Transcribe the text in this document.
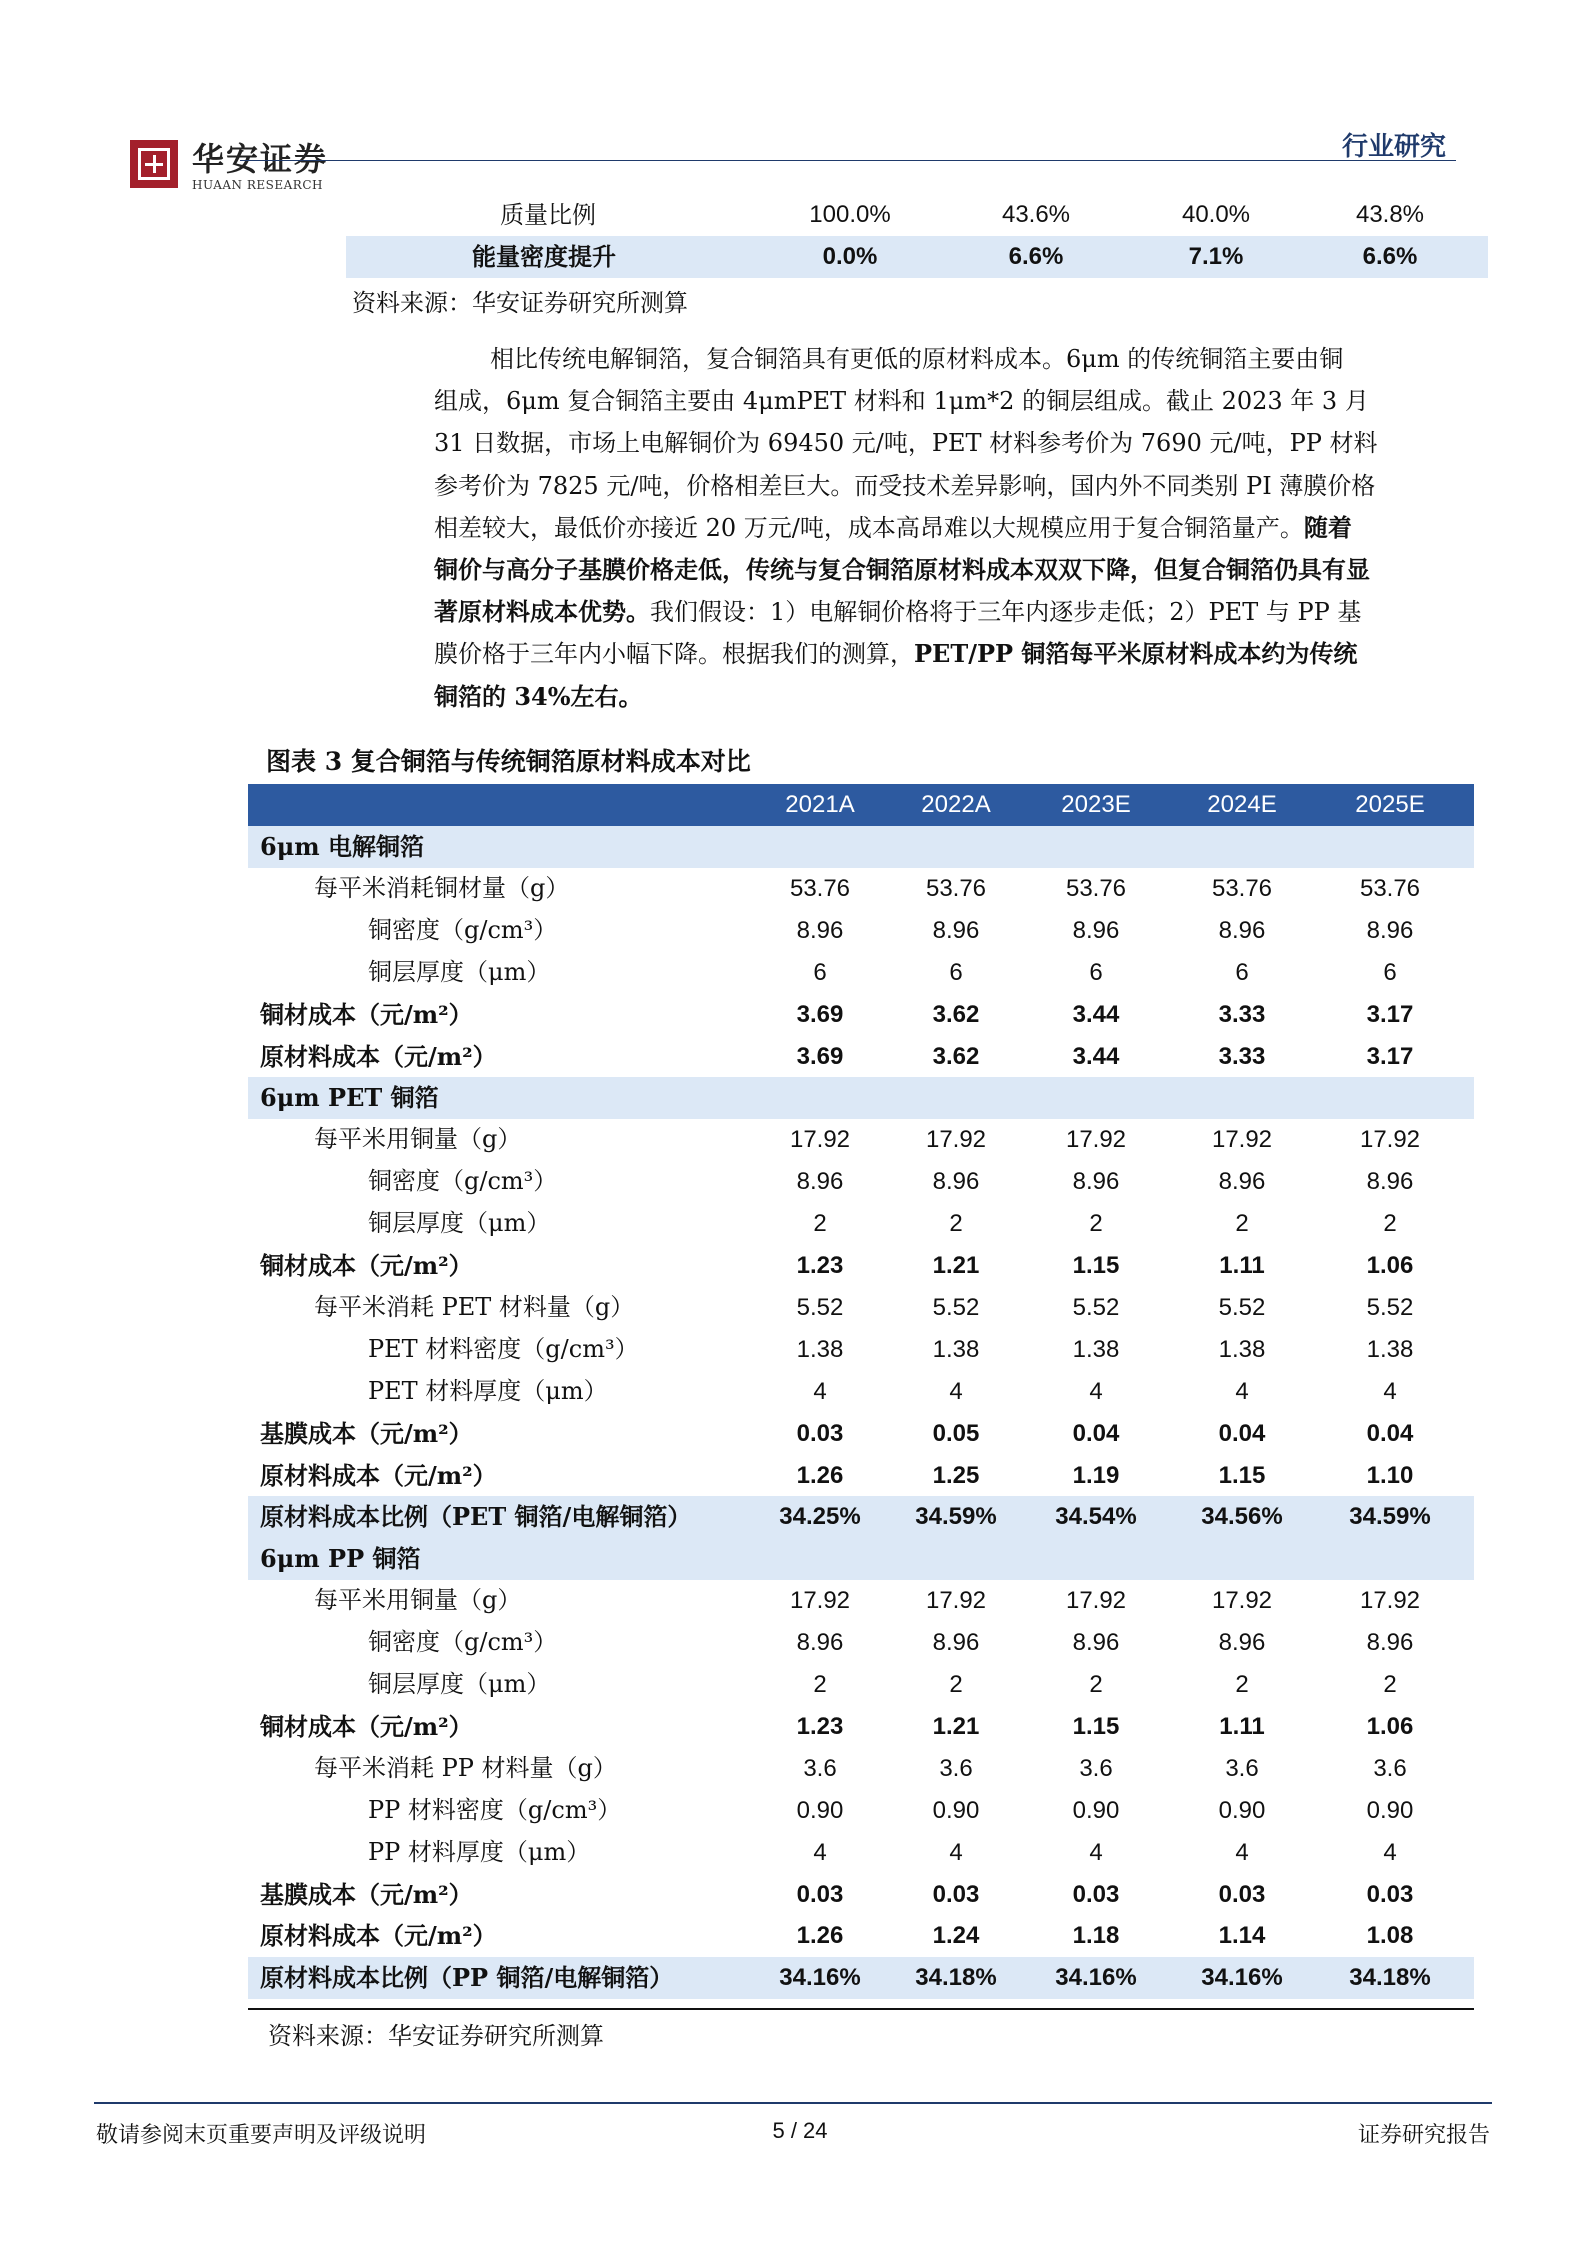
华安证券
HUAAN RESEARCH
行业研究
质量比例	100.0%	43.6%	40.0%	43.8%
能量密度提升	0.0%	6.6%	7.1%	6.6%
资料来源：华安证券研究所测算
相比传统电解铜箔，复合铜箔具有更低的原材料成本。6μm 的传统铜箔主要由铜
组成，6μm 复合铜箔主要由 4μmPET 材料和 1μm*2 的铜层组成。截止 2023 年 3 月
31 日数据，市场上电解铜价为 69450 元/吨，PET 材料参考价为 7690 元/吨，PP 材料
参考价为 7825 元/吨，价格相差巨大。而受技术差异影响，国内外不同类别 PI 薄膜价格
相差较大，最低价亦接近 20 万元/吨，成本高昂难以大规模应用于复合铜箔量产。随着
铜价与高分子基膜价格走低，传统与复合铜箔原材料成本双双下降，但复合铜箔仍具有显
著原材料成本优势。我们假设：1）电解铜价格将于三年内逐步走低；2）PET 与 PP 基
膜价格于三年内小幅下降。根据我们的测算，PET/PP 铜箔每平米原材料成本约为传统
铜箔的 34%左右。
图表 3 复合铜箔与传统铜箔原材料成本对比
2021A	2022A	2023E	2024E	2025E
6μm 电解铜箔
每平米消耗铜材量（g）	53.76	53.76	53.76	53.76	53.76
铜密度（g/cm³）	8.96	8.96	8.96	8.96	8.96
铜层厚度（μm）	6	6	6	6	6
铜材成本（元/m²）	3.69	3.62	3.44	3.33	3.17
原材料成本（元/m²）	3.69	3.62	3.44	3.33	3.17
6μm PET 铜箔
每平米用铜量（g）	17.92	17.92	17.92	17.92	17.92
铜密度（g/cm³）	8.96	8.96	8.96	8.96	8.96
铜层厚度（μm）	2	2	2	2	2
铜材成本（元/m²）	1.23	1.21	1.15	1.11	1.06
每平米消耗 PET 材料量（g）	5.52	5.52	5.52	5.52	5.52
PET 材料密度（g/cm³）	1.38	1.38	1.38	1.38	1.38
PET 材料厚度（μm）	4	4	4	4	4
基膜成本（元/m²）	0.03	0.05	0.04	0.04	0.04
原材料成本（元/m²）	1.26	1.25	1.19	1.15	1.10
原材料成本比例（PET 铜箔/电解铜箔）	34.25%	34.59%	34.54%	34.56%	34.59%
6μm PP 铜箔
每平米用铜量（g）	17.92	17.92	17.92	17.92	17.92
铜密度（g/cm³）	8.96	8.96	8.96	8.96	8.96
铜层厚度（μm）	2	2	2	2	2
铜材成本（元/m²）	1.23	1.21	1.15	1.11	1.06
每平米消耗 PP 材料量（g）	3.6	3.6	3.6	3.6	3.6
PP 材料密度（g/cm³）	0.90	0.90	0.90	0.90	0.90
PP 材料厚度（μm）	4	4	4	4	4
基膜成本（元/m²）	0.03	0.03	0.03	0.03	0.03
原材料成本（元/m²）	1.26	1.24	1.18	1.14	1.08
原材料成本比例（PP 铜箔/电解铜箔）	34.16%	34.18%	34.16%	34.16%	34.18%
资料来源：华安证券研究所测算
敬请参阅末页重要声明及评级说明	5 / 24	证券研究报告
